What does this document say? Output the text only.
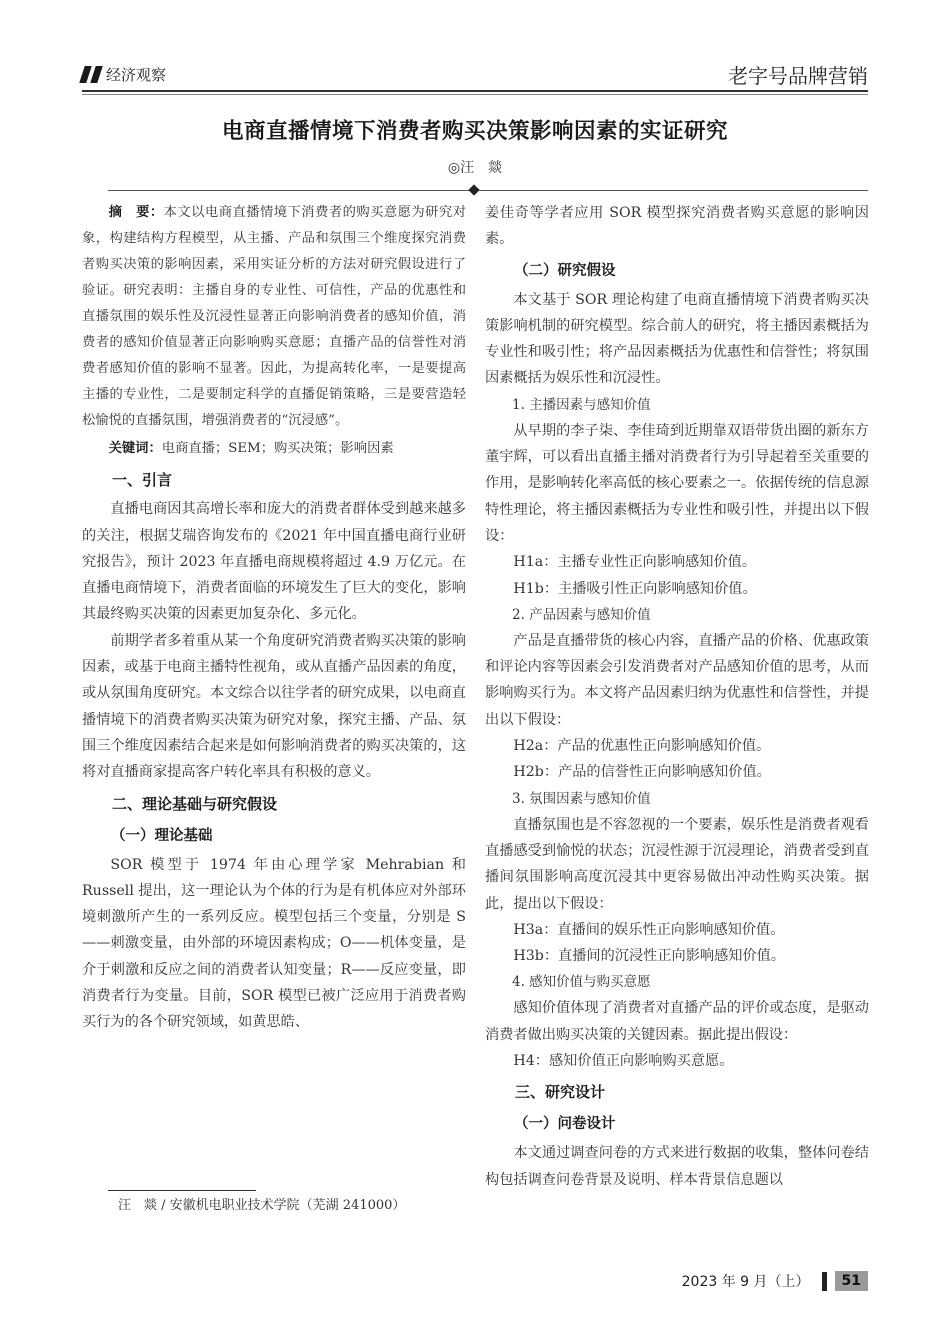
经济观察	老字号品牌营销
电商直播情境下消费者购买决策影响因素的实证研究
◎汪　燚

摘　要：本文以电商直播情境下消费者的购买意愿为研究对象，构建结构方程模型，从主播、产品和氛围三个维度探究消费者购买决策的影响因素，采用实证分析的方法对研究假设进行了验证。研究表明：主播自身的专业性、可信性，产品的优惠性和直播氛围的娱乐性及沉浸性显著正向影响消费者的感知价值，消费者的感知价值显著正向影响购买意愿；直播产品的信誉性对消费者感知价值的影响不显著。因此，为提高转化率，一是要提高主播的专业性，二是要制定科学的直播促销策略，三是要营造轻松愉悦的直播氛围，增强消费者的“沉浸感”。

关键词：电商直播；SEM；购买决策；影响因素

一、引言

直播电商因其高增长率和庞大的消费者群体受到越来越多的关注，根据艾瑞咨询发布的《2021 年中国直播电商行业研究报告》，预计 2023 年直播电商规模将超过 4.9 万亿元。在直播电商情境下，消费者面临的环境发生了巨大的变化，影响其最终购买决策的因素更加复杂化、多元化。

前期学者多着重从某一个角度研究消费者购买决策的影响因素，或基于电商主播特性视角，或从直播产品因素的角度，或从氛围角度研究。本文综合以往学者的研究成果，以电商直播情境下的消费者购买决策为研究对象，探究主播、产品、氛围三个维度因素结合起来是如何影响消费者的购买决策的，这将对直播商家提高客户转化率具有积极的意义。

二、理论基础与研究假设
（一）理论基础

SOR 模型于 1974 年由心理学家 Mehrabian 和 Russell 提出，这一理论认为个体的行为是有机体应对外部环境刺激所产生的一系列反应。模型包括三个变量，分别是 S——刺激变量，由外部的环境因素构成；O——机体变量，是介于刺激和反应之间的消费者认知变量；R——反应变量，即消费者行为变量。目前，SOR 模型已被广泛应用于消费者购买行为的各个研究领域，如黄思皓、

汪　燚 / 安徽机电职业技术学院（芜湖 241000）

姜佳奇等学者应用 SOR 模型探究消费者购买意愿的影响因素。

（二）研究假设

本文基于 SOR 理论构建了电商直播情境下消费者购买决策影响机制的研究模型。综合前人的研究，将主播因素概括为专业性和吸引性；将产品因素概括为优惠性和信誉性；将氛围因素概括为娱乐性和沉浸性。

1. 主播因素与感知价值

从早期的李子柒、李佳琦到近期靠双语带货出圈的新东方董宇辉，可以看出直播主播对消费者行为引导起着至关重要的作用，是影响转化率高低的核心要素之一。依据传统的信息源特性理论，将主播因素概括为专业性和吸引性，并提出以下假设：

H1a：主播专业性正向影响感知价值。

H1b：主播吸引性正向影响感知价值。

2. 产品因素与感知价值

产品是直播带货的核心内容，直播产品的价格、优惠政策和评论内容等因素会引发消费者对产品感知价值的思考，从而影响购买行为。本文将产品因素归纳为优惠性和信誉性，并提出以下假设：

H2a：产品的优惠性正向影响感知价值。

H2b：产品的信誉性正向影响感知价值。

3. 氛围因素与感知价值

直播氛围也是不容忽视的一个要素，娱乐性是消费者观看直播感受到愉悦的状态；沉浸性源于沉浸理论，消费者受到直播间氛围影响高度沉浸其中更容易做出冲动性购买决策。据此，提出以下假设：

H3a：直播间的娱乐性正向影响感知价值。

H3b：直播间的沉浸性正向影响感知价值。

4. 感知价值与购买意愿

感知价值体现了消费者对直播产品的评价或态度，是驱动消费者做出购买决策的关键因素。据此提出假设：

H4：感知价值正向影响购买意愿。

三、研究设计
（一）问卷设计

本文通过调查问卷的方式来进行数据的收集，整体问卷结构包括调查问卷背景及说明、样本背景信息题以

2023 年 9 月（上）	51
